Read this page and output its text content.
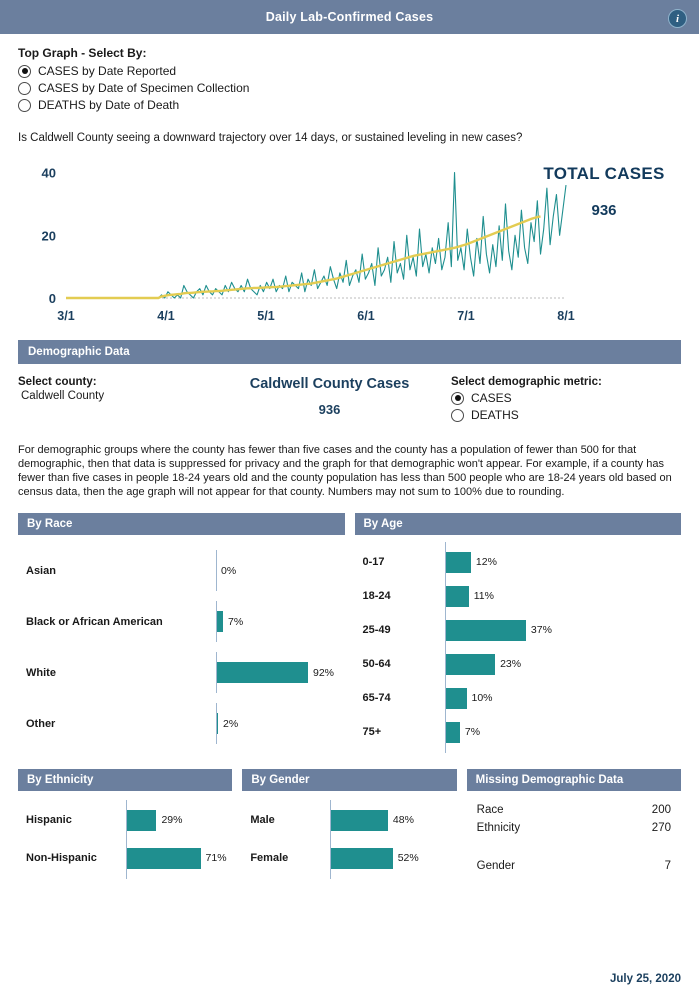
Daily Lab-Confirmed Cases	i
Top Graph - Select By:
CASES by Date Reported
CASES by Date of Specimen Collection
DEATHS by Date of Death
Is Caldwell County seeing a downward trajectory over 14 days, or sustained leveling in new cases?
0
20
40
3/1	4/1	5/1	6/1	7/1	8/1
TOTAL CASES
936
Demographic Data
Select county:
Caldwell County
Caldwell County Cases
936
Select demographic metric:
CASES
DEATHS
For demographic groups where the county has fewer than five cases and the county has a population of fewer than 500 for that demographic, then that data is suppressed for privacy and the graph for that demographic won't appear. For example, if a county has fewer than five cases in people 18-24 years old and the county population has less than 500 people who are 18-24 years old based on census data, then the age graph will not appear for that county. Numbers may not sum to 100% due to rounding.
By Race
Asian	0%
Black or African American	7%
White	92%
Other	2%
By Age
0-17	12%
18-24	11%
25-49	37%
50-64	23%
65-74	10%
75+	7%
By Ethnicity
Hispanic	29%
Non-Hispanic	71%
By Gender
Male	48%
Female	52%
Missing Demographic Data
Race	200
Ethnicity	270
Gender	7
July 25, 2020
